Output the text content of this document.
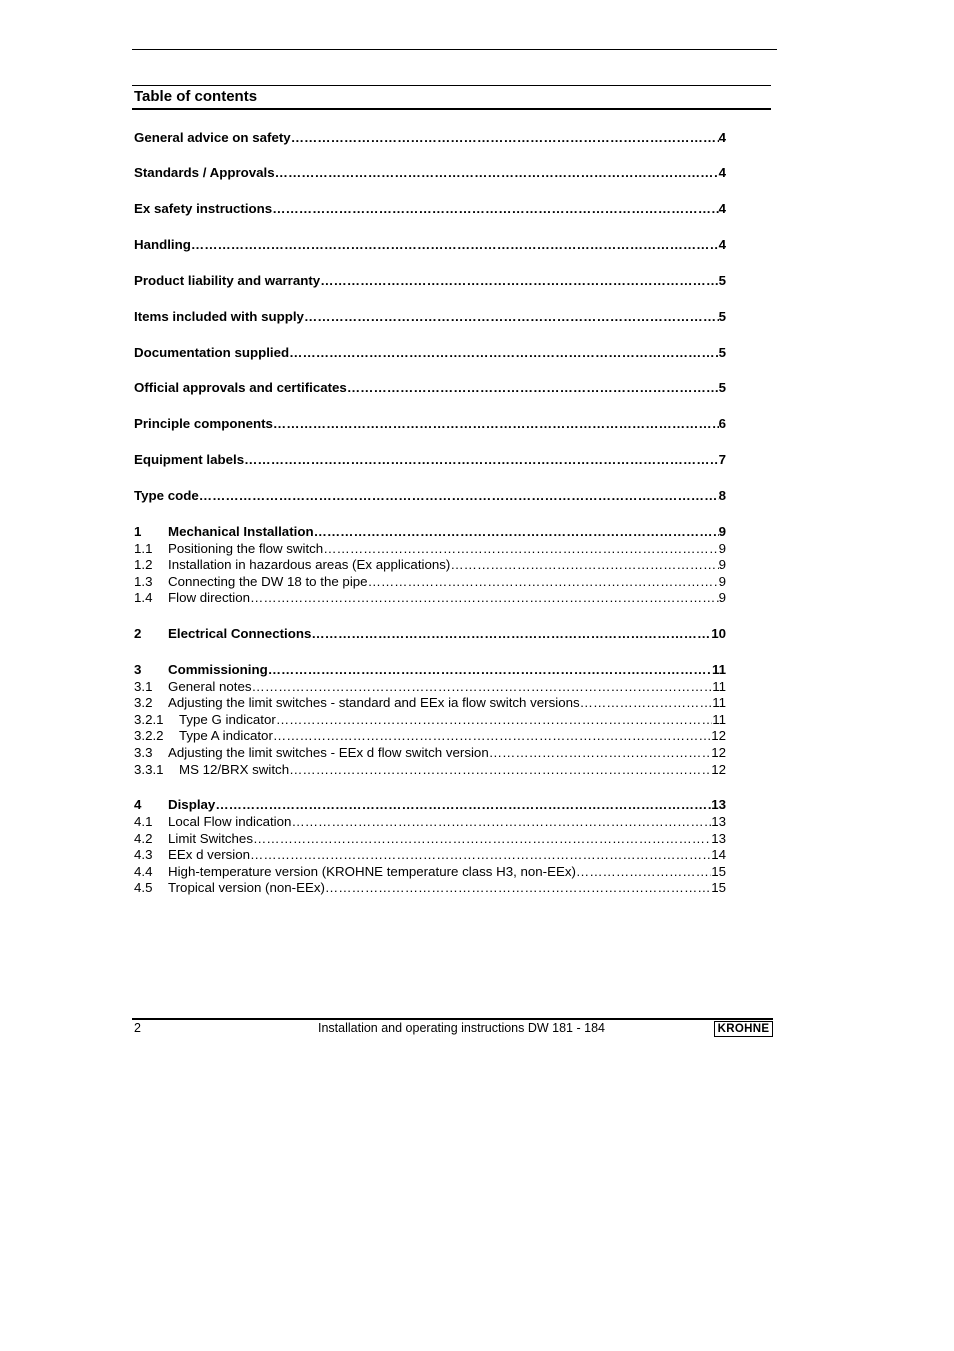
Table of contents
General advice on safety ……………………………………………………………………………………………………………………………………………………………………………………………………	4
Standards / Approvals ……………………………………………………………………………………………………………………………………………………………………………………………………	4
Ex safety instructions ……………………………………………………………………………………………………………………………………………………………………………………………………	4
Handling ……………………………………………………………………………………………………………………………………………………………………………………………………	4
Product liability and warranty ……………………………………………………………………………………………………………………………………………………………………………………………………	5
Items included with supply ……………………………………………………………………………………………………………………………………………………………………………………………………	5
Documentation supplied ……………………………………………………………………………………………………………………………………………………………………………………………………	5
Official approvals and certificates ……………………………………………………………………………………………………………………………………………………………………………………………………	5
Principle components ……………………………………………………………………………………………………………………………………………………………………………………………………	6
Equipment labels ……………………………………………………………………………………………………………………………………………………………………………………………………	7
Type code ……………………………………………………………………………………………………………………………………………………………………………………………………	8
1	Mechanical Installation ……………………………………………………………………………………………………………………………………………………………………………………………………	9
1.1	Positioning the flow switch ……………………………………………………………………………………………………………………………………………………………………………………………………	9
1.2	Installation in hazardous areas (Ex applications) ……………………………………………………………………………………………………………………………………………………………………………………………………	9
1.3	Connecting the DW 18 to the pipe ……………………………………………………………………………………………………………………………………………………………………………………………………	9
1.4	Flow direction ……………………………………………………………………………………………………………………………………………………………………………………………………	9
2	Electrical Connections ……………………………………………………………………………………………………………………………………………………………………………………………………	10
3	Commissioning ……………………………………………………………………………………………………………………………………………………………………………………………………	11
3.1	General notes ……………………………………………………………………………………………………………………………………………………………………………………………………	11
3.2	Adjusting the limit switches - standard and EEx ia flow switch versions ……………………………………………………………………………………………………………………………………………………………………………………………………	11
3.2.1	Type G indicator ……………………………………………………………………………………………………………………………………………………………………………………………………	11
3.2.2	Type A indicator ……………………………………………………………………………………………………………………………………………………………………………………………………	12
3.3	Adjusting the limit switches - EEx d flow switch version ……………………………………………………………………………………………………………………………………………………………………………………………………	12
3.3.1	MS 12/BRX switch ……………………………………………………………………………………………………………………………………………………………………………………………………	12
4	Display ……………………………………………………………………………………………………………………………………………………………………………………………………	13
4.1	Local Flow indication ……………………………………………………………………………………………………………………………………………………………………………………………………	13
4.2	Limit Switches ……………………………………………………………………………………………………………………………………………………………………………………………………	13
4.3	EEx d version ……………………………………………………………………………………………………………………………………………………………………………………………………	14
4.4	High-temperature version (KROHNE temperature class H3, non-EEx) ……………………………………………………………………………………………………………………………………………………………………………………………………	15
4.5	Tropical version (non-EEx) ……………………………………………………………………………………………………………………………………………………………………………………………………	15
2	Installation and operating instructions DW 181 - 184	KROHNE
